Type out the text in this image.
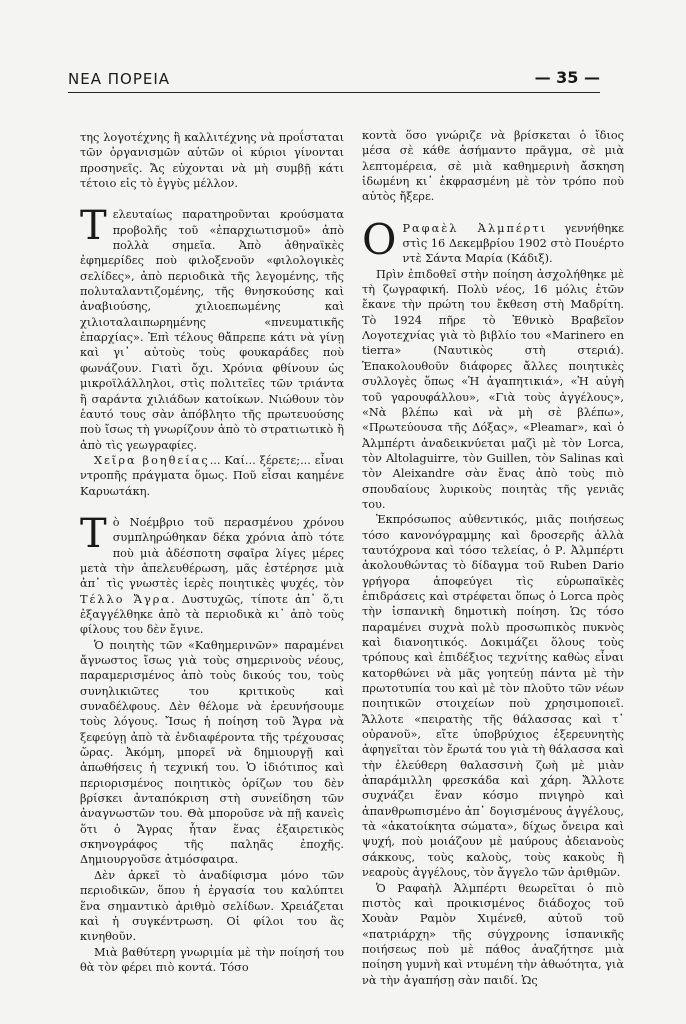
ΝΕΑ ΠΟΡΕΙΑ	— 35 —

της λογοτέχνης ἢ καλλιτέχνης νὰ προΐσταται τῶν ὀργανισμῶν αὐτῶν οἱ κύριοι γίνονται προσηνεῖς. Ἄς εὐχονται νὰ μὴ συμβῇ κάτι τέτοιο εἰς τὸ ἐγγὺς μέλλον.

Τελευταίως παρατηροῦνται κρούσματα προβολῆς τοῦ «ἐπαρχιωτισμοῦ» ἀπὸ πολλὰ σημεῖα. Ἀπὸ ἀθηναϊκὲς ἐφημερίδες ποὺ φιλοξενοῦν «φιλολογικὲς σελίδες», ἀπὸ περιοδικὰ τῆς λεγομένης, τῆς πολυταλαντιζομένης, τῆς θνησκούσης καὶ ἀναβιούσης, χιλιοεπωμένης καὶ χιλιοταλαιπωρημένης «πνευματικῆς ἐπαρχίας». Ἐπὶ τέλους θἄπρεπε κάτι νὰ γίνῃ καὶ γι᾿ αὐτοὺς τοὺς φουκαράδες ποὺ φωνάζουν. Γιατὶ ὄχι. Χρόνια φθίνουν ὡς μικροϊλάλληλοι, στὶς πολιτεῖες τῶν τριάντα ἢ σαράντα χιλιάδων κατοίκων. Νιώθουν τὸν ἑαυτό τους σὰν ἀπόβλητο τῆς πρωτευούσης ποὺ ἴσως τὴ γνωρίζουν ἀπὸ τὸ στρατιωτικὸ ἢ ἀπὸ τὶς γεωγραφίες.

Χεῖρα βοηθείας... Καί... ξέρετε;... εἶναι ντροπῆς πράγματα ὅμως. Ποῦ εἶσαι καημένε Καρυωτάκη.

Τὸ Νοέμβριο τοῦ περασμένου χρόνου συμπληρώθηκαν δέκα χρόνια ἀπὸ τότε ποὺ μιὰ ἀδέσποτη σφαῖρα λίγες μέρες μετὰ τὴν ἀπελευθέρωση, μᾶς ἐστέρησε μιὰ ἀπ᾿ τὶς γνωστὲς ἱερὲς ποιητικὲς ψυχές, τὸν Τέλλο Ἄγρα. Δυστυχῶς, τίποτε ἀπ᾿ ὅ,τι ἐξαγγέλθηκε ἀπὸ τὰ περιοδικὰ κι᾿ ἀπὸ τοὺς φίλους του δὲν ἔγινε.

Ὁ ποιητὴς τῶν «Καθημερινῶν» παραμένει ἄγνωστος ἴσως γιὰ τοὺς σημερινοὺς νέους, παραμερισμένος ἀπὸ τοὺς δικούς του, τοὺς συνηλικιῶτες του κριτικοὺς καὶ συναδέλφους. Δὲν θέλομε νὰ ἐρευνήσουμε τοὺς λόγους. Ἴσως ἡ ποίηση τοῦ Ἄγρα νὰ ξεφεύγῃ ἀπὸ τὰ ἐνδιαφέροντα τῆς τρέχουσας ὥρας. Ἀκόμη, μπορεῖ νὰ δημιουργῇ καὶ ἀπωθήσεις ἡ τεχνική του. Ὁ ἰδιότιπος καὶ περιορισμένος ποιητικὸς ὁρίζων του δὲν βρίσκει ἀνταπόκριση στὴ συνείδηση τῶν ἀναγνωστῶν του. Θὰ μποροῦσε νὰ πῇ κανεὶς ὅτι ὁ Ἄγρας ἦταν ἕνας ἐξαιρετικὸς σκηνογράφος τῆς παληᾶς ἐποχῆς. Δημιουργοῦσε ἀτμόσφαιρα.

Δὲν ἀρκεῖ τὸ ἀναδίφισμα μόνο τῶν περιοδικῶν, ὅπου ἡ ἐργασία του καλύπτει ἕνα σημαντικὸ ἀριθμὸ σελίδων. Χρειάζεται καὶ ἡ συγκέντρωση. Οἱ φίλοι του ἂς κινηθοῦν.

Μιὰ βαθύτερη γνωριμία μὲ τὴν ποίησή του θὰ τὸν φέρει πιὸ κοντά. Τόσο

κοντὰ ὅσο γνώριζε νὰ βρίσκεται ὁ ἴδιος μέσα σὲ κάθε ἀσήμαντο πρᾶγμα, σὲ μιὰ λεπτομέρεια, σὲ μιὰ καθημερινὴ ἄσκηση ἰδωμένη κι᾿ ἐκφρασμένη μὲ τὸν τρόπο ποὺ αὐτὸς ἤξερε.

Ο Ραφαὲλ Ἀλμπέρτι γεννήθηκε στὶς 16 Δεκεμβρίου 1902 στὸ Πουέρτο ντὲ Σάντα Μαρία (Κάδιξ).

Πρὶν ἐπιδοθεῖ στὴν ποίηση ἀσχολήθηκε μὲ τὴ ζωγραφική. Πολὺ νέος, 16 μόλις ἐτῶν ἔκανε τὴν πρώτη του ἔκθεση στὴ Μαδρίτη. Τὸ 1924 πῆρε τὸ Ἐθνικὸ Βραβεῖον Λογοτεχνίας γιὰ τὸ βιβλίο του «Marinero en tierra» (Ναυτικὸς στὴ στεριά). Ἐπακολουθοῦν διάφορες ἄλλες ποιητικὲς συλλογὲς ὅπως «Ἡ ἀγαπητικιά», «Ἡ αὐγὴ τοῦ γαρουφάλλου», «Γιὰ τοὺς ἀγγέλους», «Νὰ βλέπω καὶ νὰ μὴ σὲ βλέπω», «Πρωτεύουσα τῆς Δόξας», «Pleamar», καὶ ὁ Ἀλμπέρτι ἀναδεικνύεται μαζὶ μὲ τὸν Lorca, τὸν Altolaguirre, τὸν Guillen, τὸν Salinas καὶ τὸν Aleixandre σὰν ἕνας ἀπὸ τοὺς πιὸ σπουδαίους λυρικοὺς ποιητὰς τῆς γενιᾶς του.

Ἐκπρόσωπος αὐθεντικός, μιᾶς ποιήσεως τόσο κανονόγραμμης καὶ δροσερῆς ἀλλὰ ταυτόχρονα καὶ τόσο τελείας, ὁ Ρ. Ἀλμπέρτι ἀκολουθώντας τὸ δίδαγμα τοῦ Ruben Dario γρήγορα ἀποφεύγει τὶς εὐρωπαϊκὲς ἐπιδράσεις καὶ στρέφεται ὅπως ὁ Lorca πρὸς τὴν ἱσπανικὴ δημοτικὴ ποίηση. Ὡς τόσο παραμένει συχνὰ πολὺ προσωπικὸς πυκνὸς καὶ διανοητικός. Δοκιμάζει ὅλους τοὺς τρόπους καὶ ἐπιδέξιος τεχνίτης καθὼς εἶναι κατορθώνει νὰ μᾶς γοητεύῃ πάντα μὲ τὴν πρωτοτυπία του καὶ μὲ τὸν πλοῦτο τῶν νέων ποιητικῶν στοιχείων ποὺ χρησιμοποιεῖ. Ἄλλοτε «πειρατὴς τῆς θάλασσας καὶ τ᾿ οὐρανοῦ», εἴτε ὑποβρύχιος ἐξερευνητὴς ἀφηγεῖται τὸν ἔρωτά του γιὰ τὴ θάλασσα καὶ τὴν ἐλεύθερη θαλασσινὴ ζωὴ μὲ μιὰν ἀπαράμιλλη φρεσκάδα καὶ χάρη. Ἄλλοτε συχνάζει ἕναν κόσμο πνιγηρὸ καὶ ἀπανθρωπισμένο ἀπ᾿ δογισμένους ἀγγέλους, τὰ «ἀκατοίκητα σώματα», δίχως ὄνειρα καὶ ψυχή, ποὺ μοιάζουν μὲ μαύρους ἀδειανοὺς σάκκους, τοὺς καλοὺς, τοὺς κακοὺς ἢ νεαροὺς ἀγγέλους, τὸν ἄγγελο τῶν ἀριθμῶν.

Ὁ Ραφαὴλ Ἀλμπέρτι θεωρεῖται ὁ πιὸ πιστὸς καὶ προικισμένος διάδοχος τοῦ Χουὰν Ραμὸν Χιμένεθ, αὐτοῦ τοῦ «πατριάρχη» τῆς σύγχρονης ἱσπανικῆς ποιήσεως ποὺ μὲ πάθος ἀναζήτησε μιὰ ποίηση γυμνὴ καὶ ντυμένη τὴν ἀθωότητα, γιὰ νὰ τὴν ἀγαπήσῃ σὰν παιδί. Ὡς
